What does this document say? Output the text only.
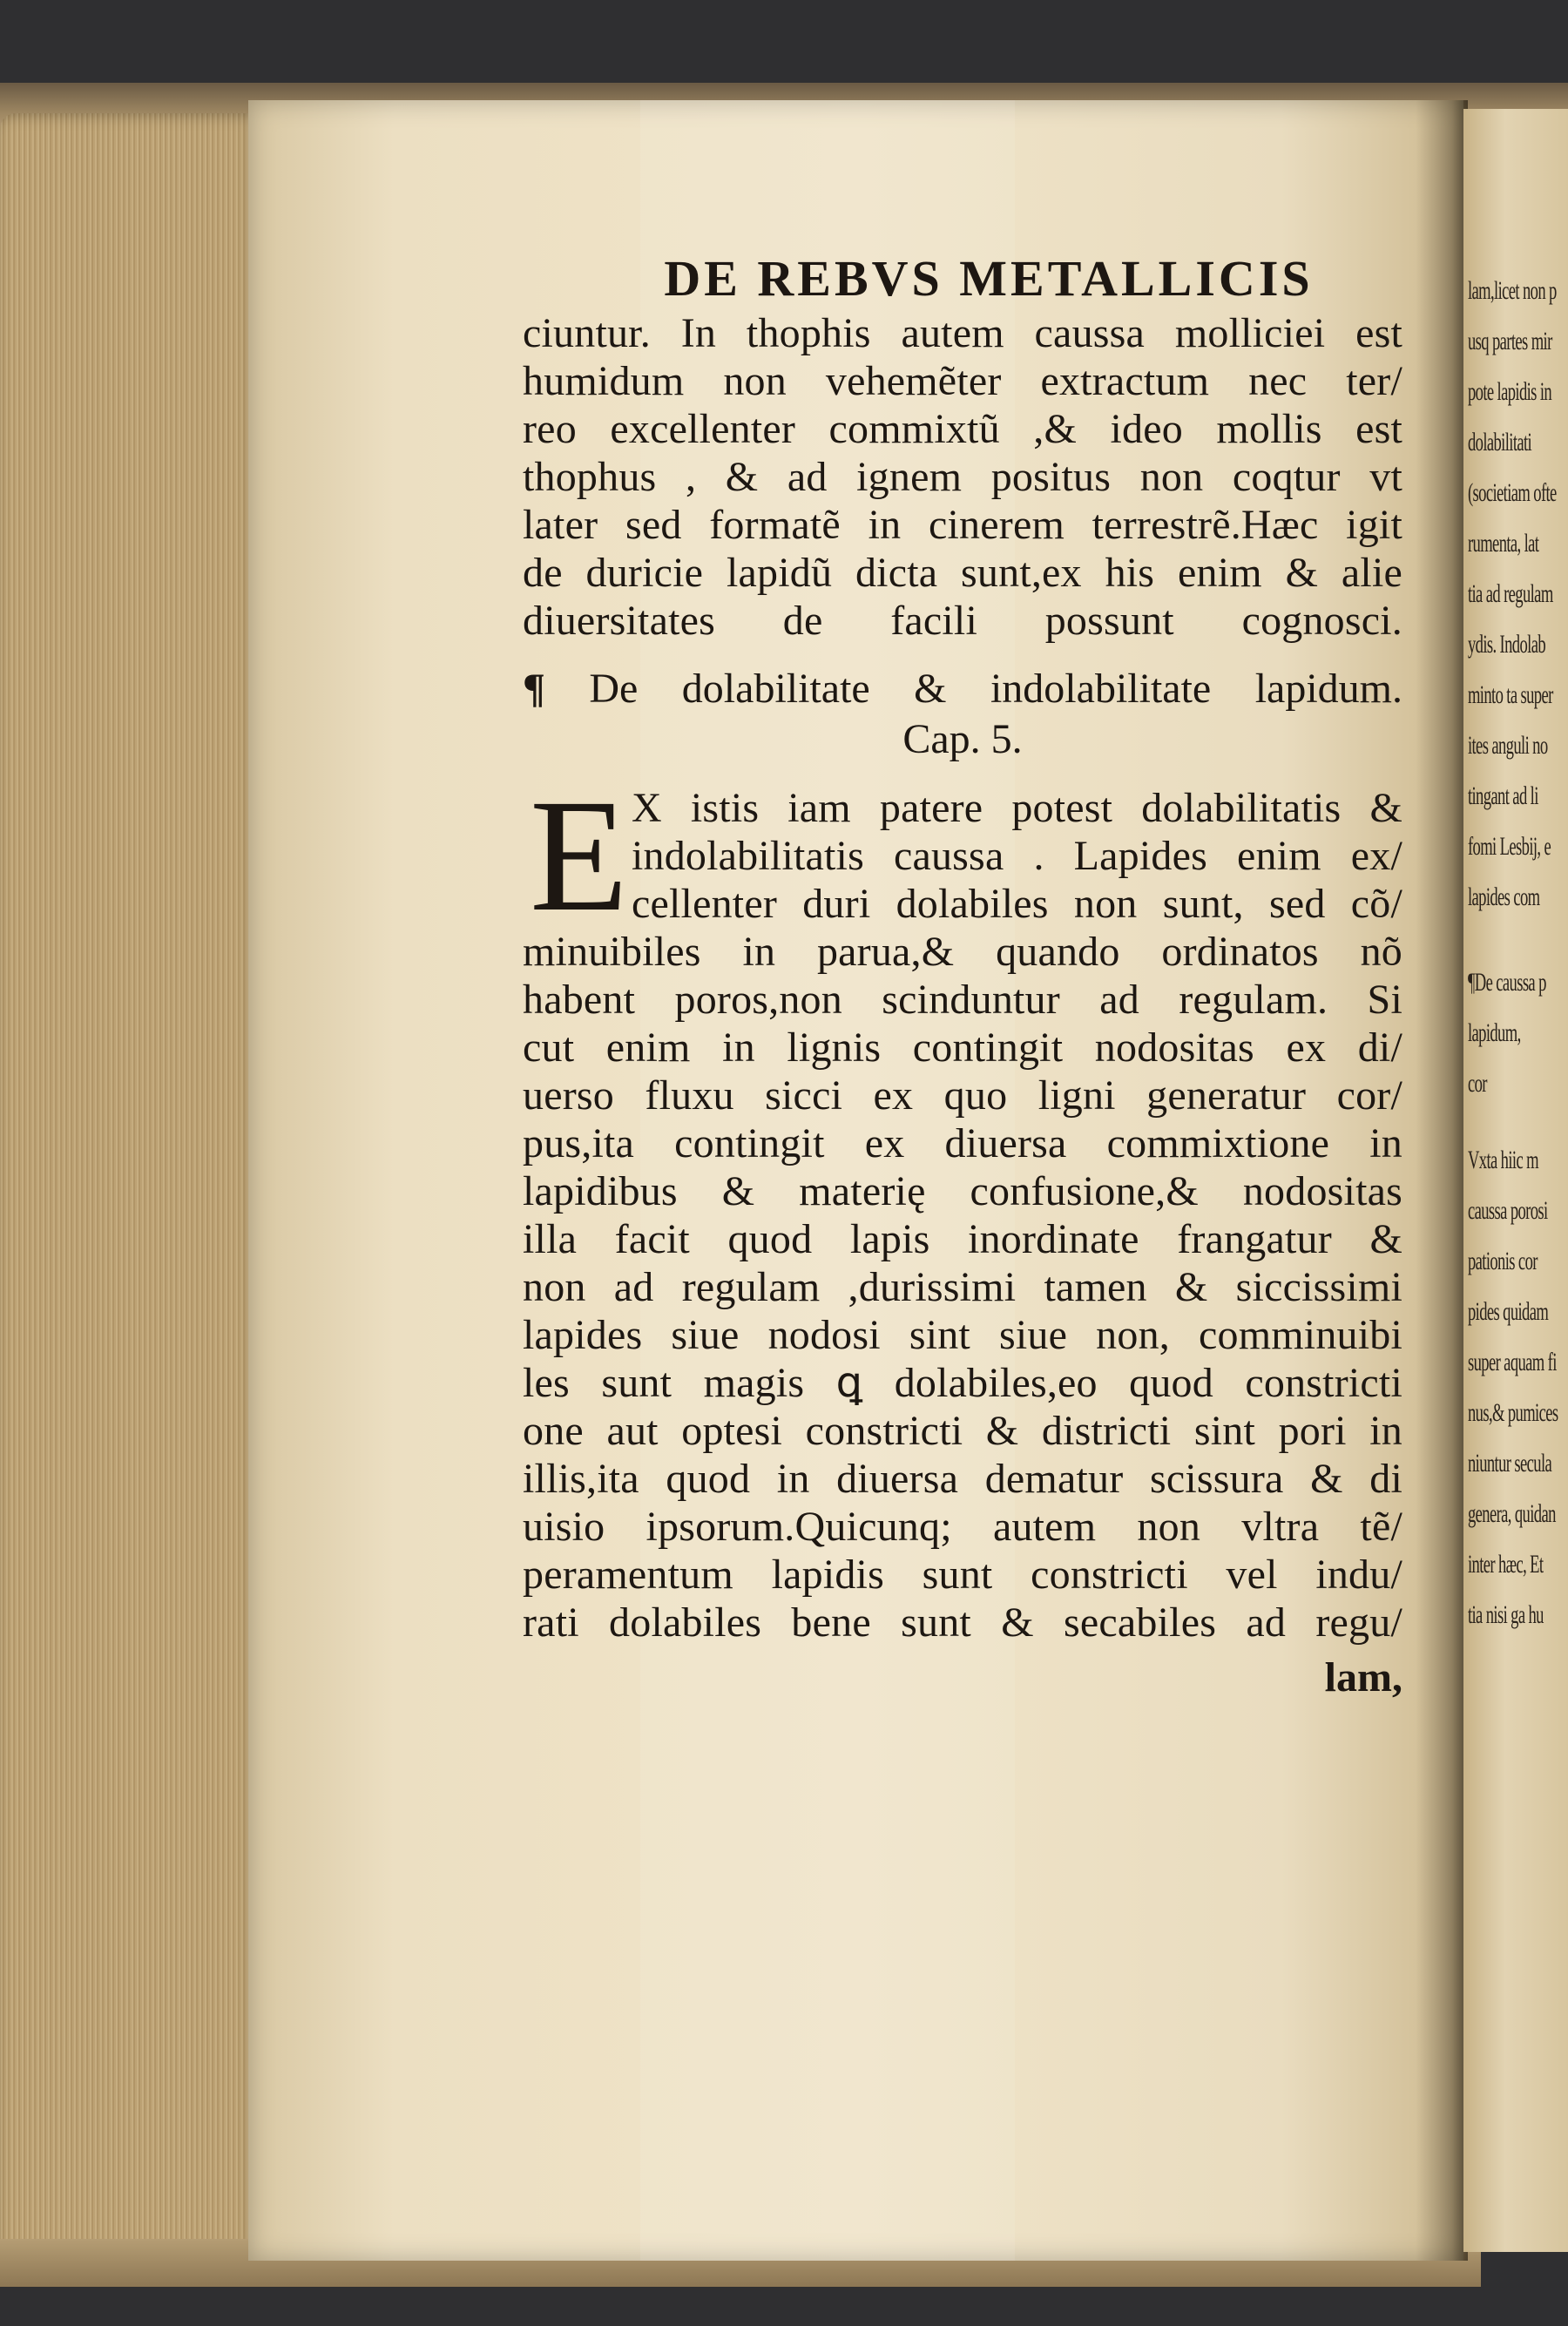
lam,licet non p
usq partes mir
pote lapidis in
dolabilitati
(societiam ofte
rumenta, lat
tia ad regulam
ydis. Indolab
minto ta super
ites anguli no
tingant ad li
fomi Lesbij, e
lapides com
¶De caussa p
lapidum,
cor
Vxta hiic m
caussa porosi
pationis cor
pides quidam
super aquam fi
nus,& pumices
niuntur secula
genera, quidan
inter hæc, Et
tia nisi ga hu
DE REBVS METALLICIS
ciuntur. In thophis autem caussa molliciei est
humidum non vehemẽter extractum nec ter/
reo excellenter commixtũ ,& ideo mollis est
thophus , & ad ignem positus non coqtur vt
later sed formatẽ in cinerem terrestrẽ.Hæc igit
de duricie lapidũ dicta sunt,ex his enim & alie
diuersitates de facili possunt cognosci.
¶ De dolabilitate & indolabilitate lapidum.
Cap. 5.
E X istis iam patere potest dolabilitatis &
indolabilitatis caussa . Lapides enim ex/
cellenter duri dolabiles non sunt, sed cõ/
minuibiles in parua,& quando ordinatos nõ
habent poros,non scinduntur ad regulam. Si
cut enim in lignis contingit nodositas ex di/
uerso fluxu sicci ex quo ligni generatur cor/
pus,ita contingit ex diuersa commixtione in
lapidibus & materię confusione,& nodositas
illa facit quod lapis inordinate frangatur &
non ad regulam ,durissimi tamen & siccissimi
lapides siue nodosi sint siue non, comminuibi
les sunt magis ꝗ dolabiles,eo quod constricti
one aut optesi constricti & districti sint pori in
illis,ita quod in diuersa dematur scissura & di
uisio ipsorum.Quicunq; autem non vltra tẽ/
peramentum lapidis sunt constricti vel indu/
rati dolabiles bene sunt & secabiles ad regu/
lam,
